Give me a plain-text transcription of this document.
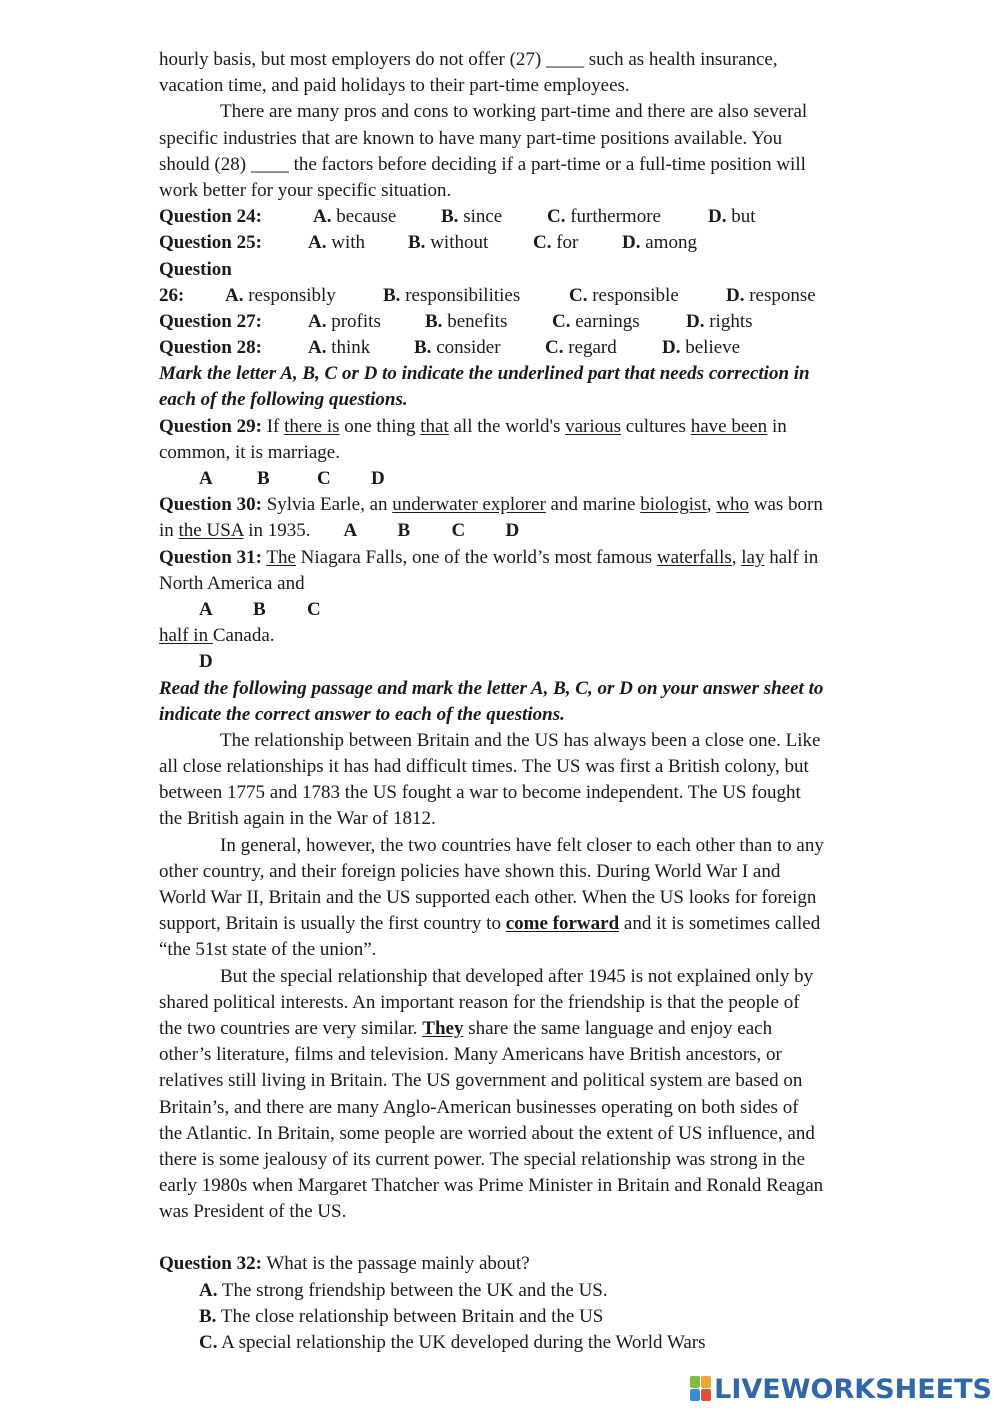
hourly basis, but most employers do not offer (27) ____ such as health insurance,
vacation time, and paid holidays to their part-time employees.
There are many pros and cons to working part-time and there are also several
specific industries that are known to have many part-time positions available. You
should (28) ____ the factors before deciding if a part-time or a full-time position will
work better for your specific situation.
Question 24:	A. because B. since C. furthermore D. but
Question 25: A. with B. without C. for D. among
Question
26: A. responsibly B. responsibilities	C. responsible D. response
Question 27: A. profits B. benefits C. earnings D. rights
Question 28: A. think B. consider C. regard D. believe
Mark the letter A, B, C or D to indicate the underlined part that needs correction in
each of the following questions.
Question 29: If there is one thing that all the world's various cultures have been in
common, it is marriage.
A B C D
Question 30: Sylvia Earle, an underwater explorer and marine biologist, who was born
in the USA in 1935. A B C D
Question 31: The Niagara Falls, one of the world’s most famous waterfalls, lay half in
North America and
A B C
half in Canada.
D
Read the following passage and mark the letter A, B, C, or D on your answer sheet to
indicate the correct answer to each of the questions.
The relationship between Britain and the US has always been a close one. Like
all close relationships it has had difficult times. The US was first a British colony, but
between 1775 and 1783 the US fought a war to become independent. The US fought
the British again in the War of 1812.
In general, however, the two countries have felt closer to each other than to any
other country, and their foreign policies have shown this. During World War I and
World War II, Britain and the US supported each other. When the US looks for foreign
support, Britain is usually the first country to come forward and it is sometimes called
“the 51st state of the union”.
But the special relationship that developed after 1945 is not explained only by
shared political interests. An important reason for the friendship is that the people of
the two countries are very similar. They share the same language and enjoy each
other’s literature, films and television. Many Americans have British ancestors, or
relatives still living in Britain. The US government and political system are based on
Britain’s, and there are many Anglo-American businesses operating on both sides of
the Atlantic. In Britain, some people are worried about the extent of US influence, and
there is some jealousy of its current power. The special relationship was strong in the
early 1980s when Margaret Thatcher was Prime Minister in Britain and Ronald Reagan
was President of the US.
Question 32: What is the passage mainly about?
A. The strong friendship between the UK and the US.
B. The close relationship between Britain and the US
C. A special relationship the UK developed during the World Wars
LIVEWORKSHEETS
